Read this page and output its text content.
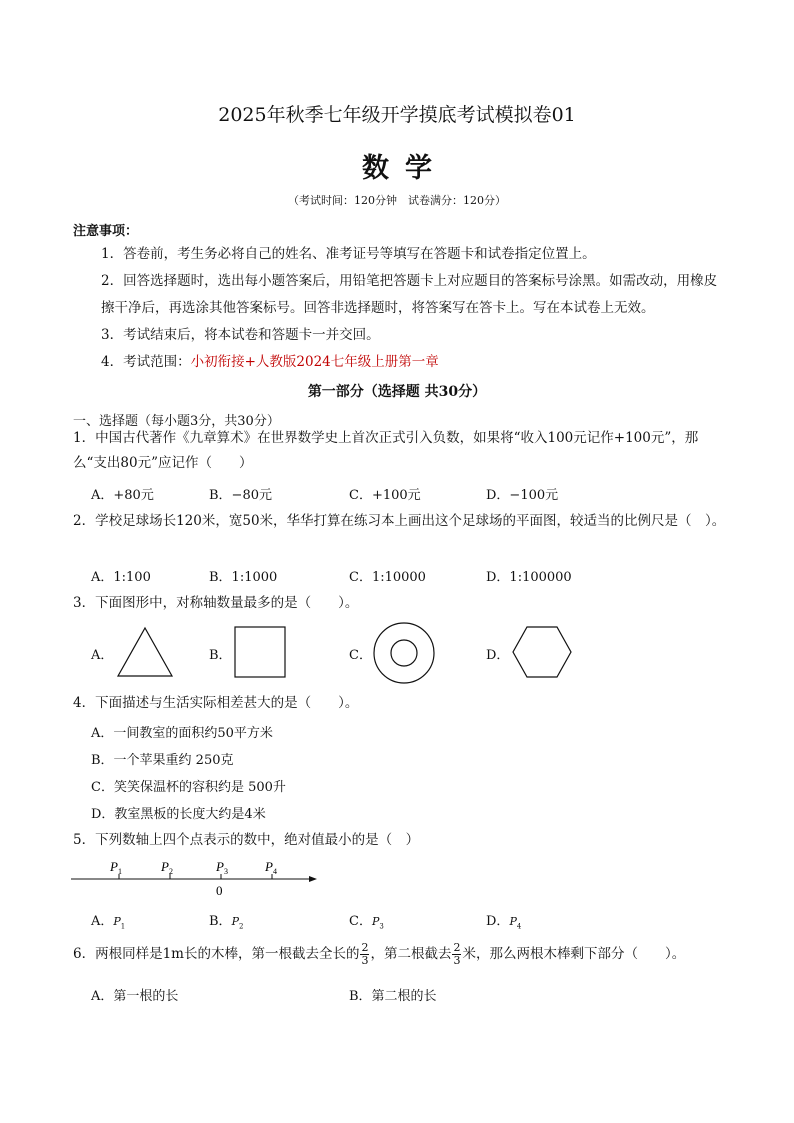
2025年秋季七年级开学摸底考试模拟卷01
数学
（考试时间：120分钟　试卷满分：120分）
注意事项：
1．答卷前，考生务必将自己的姓名、准考证号等填写在答题卡和试卷指定位置上。
2．回答选择题时，选出每小题答案后，用铅笔把答题卡上对应题目的答案标号涂黑。如需改动，用橡皮擦干净后，再选涂其他答案标号。回答非选择题时，将答案写在答卡上。写在本试卷上无效。
3．考试结束后，将本试卷和答题卡一并交回。
4．考试范围：小初衔接+人教版2024七年级上册第一章
第一部分（选择题 共30分）
一、选择题（每小题3分，共30分）
1．中国古代著作《九章算术》在世界数学史上首次正式引入负数，如果将“收入100元记作+100元”，那么“支出80元”应记作（　　）
A．+80元	B．−80元	C．+100元	D．−100元
2．学校足球场长120米，宽50米，华华打算在练习本上画出这个足球场的平面图，较适当的比例尺是（　）。
A．1:100	B．1:1000	C．1:10000	D．1:100000
3．下面图形中，对称轴数量最多的是（　　）。
A．	B．	C．	D．
4．下面描述与生活实际相差甚大的是（　　）。
A．一间教室的面积约50平方米
B．一个苹果重约 250克
C．笑笑保温杯的容积约是 500升
D．教室黑板的长度大约是4米
5．下列数轴上四个点表示的数中，绝对值最小的是（　）
$P_1$	$P_2$	$P_3$	$P_4$
0
A．$P_1$	B．$P_2$	C．$P_3$	D．$P_4$
6．两根同样是1m长的木棒，第一根截去全长的 $\frac{2}{3}$ ，第二根截去 $\frac{2}{3}$ 米，那么两根木棒剩下部分（　　）。
A．第一根的长	B．第二根的长
